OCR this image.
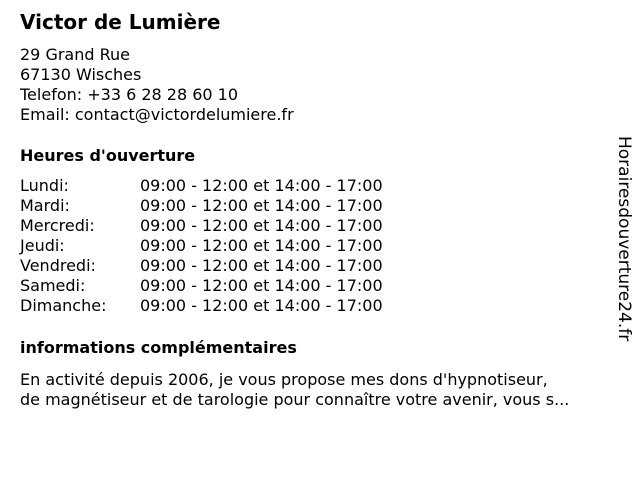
Victor de Lumière
29 Grand Rue
67130 Wisches
Telefon: +33 6 28 28 60 10
Email: contact@victordelumiere.fr
Heures d'ouverture
Lundi:	09:00 - 12:00 et 14:00 - 17:00
Mardi:	09:00 - 12:00 et 14:00 - 17:00
Mercredi:	09:00 - 12:00 et 14:00 - 17:00
Jeudi:	09:00 - 12:00 et 14:00 - 17:00
Vendredi:	09:00 - 12:00 et 14:00 - 17:00
Samedi:	09:00 - 12:00 et 14:00 - 17:00
Dimanche:	09:00 - 12:00 et 14:00 - 17:00
informations complémentaires
En activité depuis 2006, je vous propose mes dons d'hypnotiseur,
de magnétiseur et de tarologie pour connaître votre avenir, vous s...
Horairesdouverture24.fr
